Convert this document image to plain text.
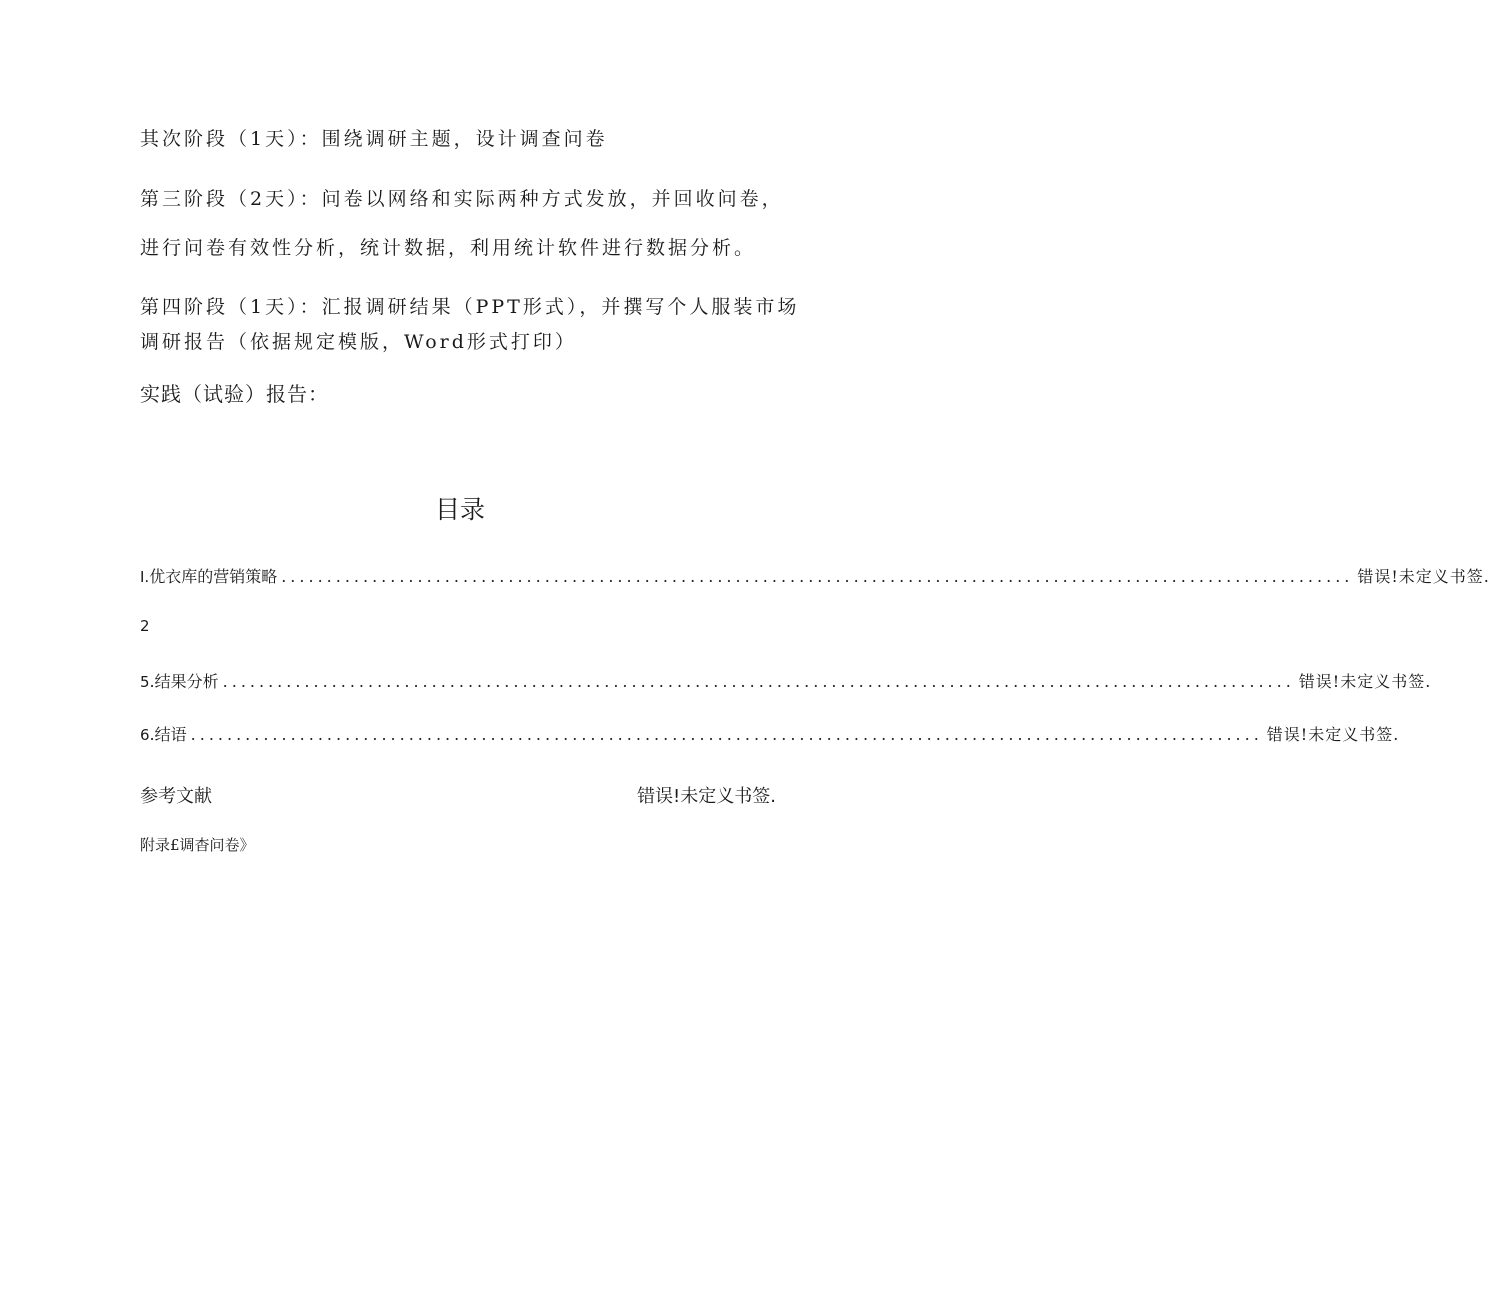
其次阶段（1天）：围绕调研主题，设计调查问卷
第三阶段（2天）：问卷以网络和实际两种方式发放，并回收问卷，
进行问卷有效性分析，统计数据，利用统计软件进行数据分析。
第四阶段（1天）：汇报调研结果（PPT形式），并撰写个人服装市场
调研报告（依据规定模版，Word形式打印）
实践（试验）报告：
目录
I. 优衣库的营销策略 ...................................................................................................................... 错误!未定义书签.
2
5 .结果分析 ...................................................................................................................... 错误!未定义书签.
6 .结语 ...................................................................................................................... 错误!未定义书签.
参考文献	错误!未定义书签.
附录£调杳问卷》
